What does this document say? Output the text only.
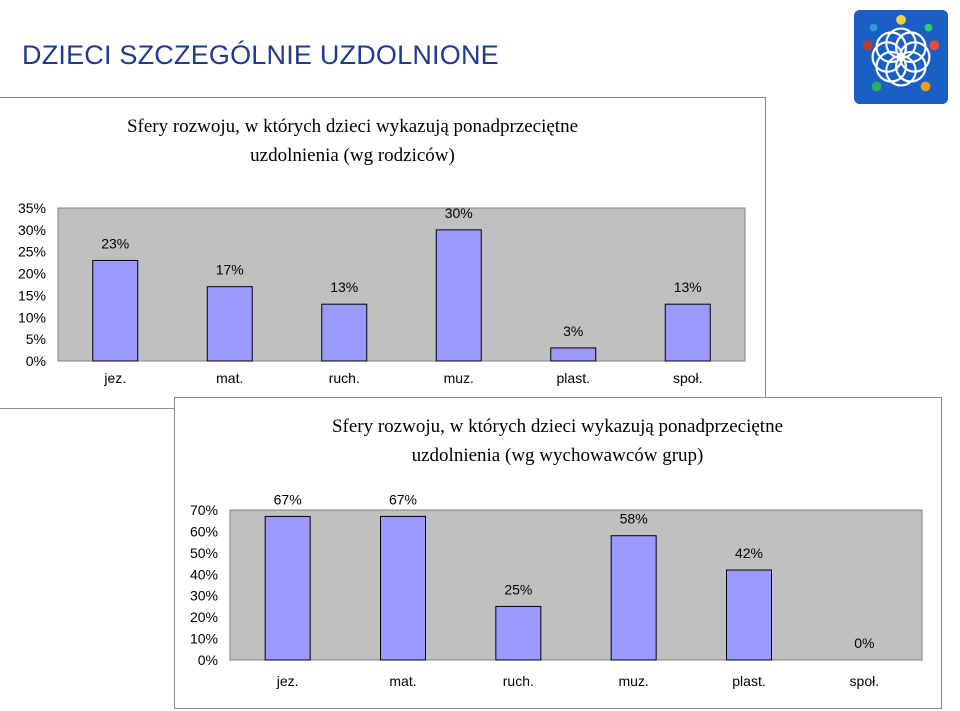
DZIECI SZCZEGÓLNIE UZDOLNIONE
Sfery rozwoju, w których dzieci wykazują ponadprzeciętne
uzdolnienia (wg rodziców)
0%
5%
10%
15%
20%
25%
30%
35%
23%
jez.
17%
mat.
13%
ruch.
30%
muz.
3%
plast.
13%
społ.
Sfery rozwoju, w których dzieci wykazują ponadprzeciętne
uzdolnienia (wg wychowawców grup)
0%
10%
20%
30%
40%
50%
60%
70%
67%
jez.
67%
mat.
25%
ruch.
58%
muz.
42%
plast.
0%
społ.
